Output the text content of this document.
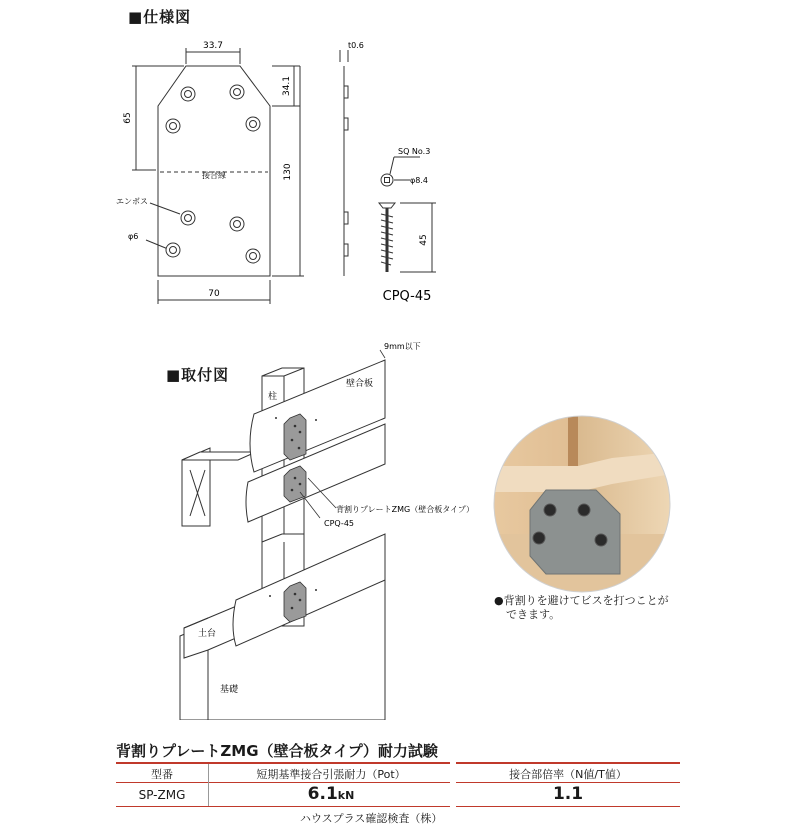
■仕様図
33.7
65
34.1
130
70
接合線
エンボス
φ6
t0.6
SQ No.3
φ8.4
45
CPQ-45
■取付図
9mm以下
柱
壁合板
背割りプレートZMG（壁合板タイプ）
CPQ-45
土台
基礎
●背割りを避けてビスを打つことが
できます。
背割りプレートZMG（壁合板タイプ）耐力試験
型番	短期基準接合引張耐力（Pot）	接合部倍率（N値/T値）
SP-ZMG	6.1kN	1.1
ハウスプラス確認検査（株）
